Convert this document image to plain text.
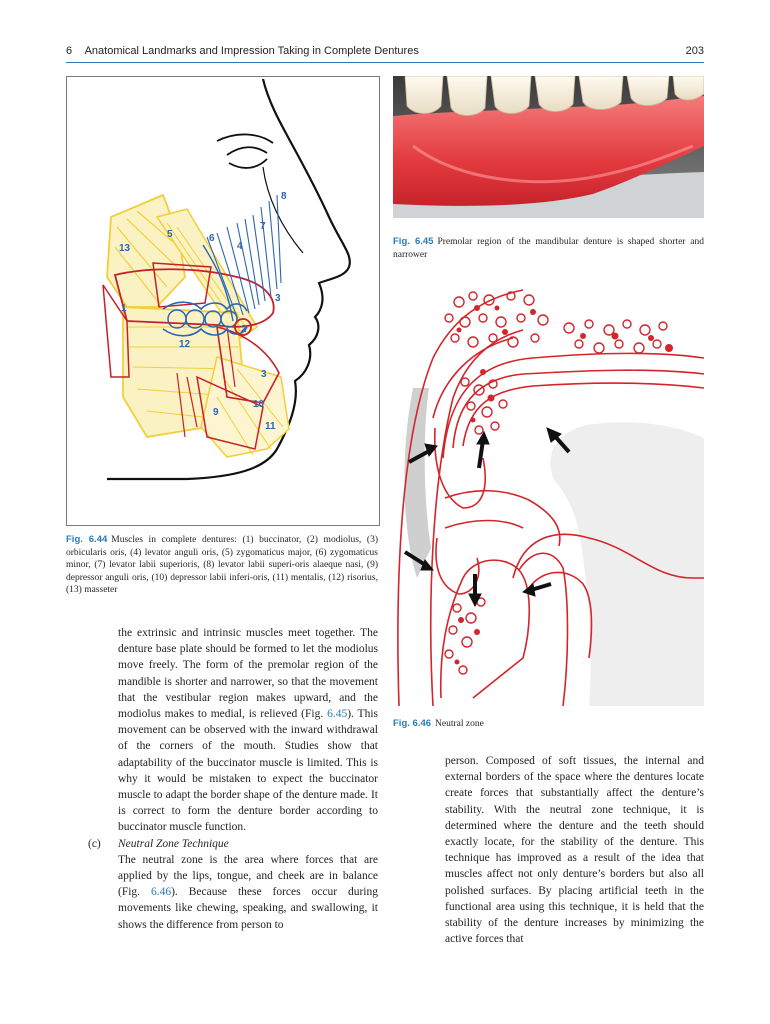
6 Anatomical Landmarks and Impression Taking in Complete Dentures	203
13
5	6
4
7
8
1
3
2
12
3
10
9
11
Fig. 6.45 Premolar region of the mandibular denture is shaped shorter and narrower
Fig. 6.44 Muscles in complete dentures: (1) buccinator, (2) modiolus, (3) orbicularis oris, (4) levator anguli oris, (5) zygomaticus major, (6) zygomaticus minor, (7) levator labii superioris, (8) levator labii superi-oris alaeque nasi, (9) depressor anguli oris, (10) depressor labii inferi-oris, (11) mentalis, (12) risorius, (13) masseter
Fig. 6.46 Neutral zone

the extrinsic and intrinsic muscles meet together. The denture base plate should be formed to let the modiolus move freely. The form of the premolar region of the mandible is shorter and narrower, so that the movement that the vestibular region makes upward, and the modiolus makes to medial, is relieved (Fig. 6.45). This movement can be observed with the inward withdrawal of the corners of the mouth. Studies show that adaptability of the buccinator muscle is limited. This is why it would be mistaken to expect the buccinator muscle to adapt the border shape of the denture made. It is correct to form the denture border according to buccinator muscle function.

(c) Neutral Zone Technique

The neutral zone is the area where forces that are applied by the lips, tongue, and cheek are in balance (Fig. 6.46). Because these forces occur during movements like chewing, speaking, and swallowing, it shows the difference from person to

person. Composed of soft tissues, the internal and external borders of the space where the dentures locate create forces that substantially affect the denture’s stability. With the neutral zone technique, it is determined where the denture and the teeth should exactly locate, for the stability of the denture. This technique has improved as a result of the idea that muscles affect not only denture’s borders but also all polished surfaces. By placing artificial teeth in the functional area using this technique, it is held that the stability of the denture increases by minimizing the active forces that
